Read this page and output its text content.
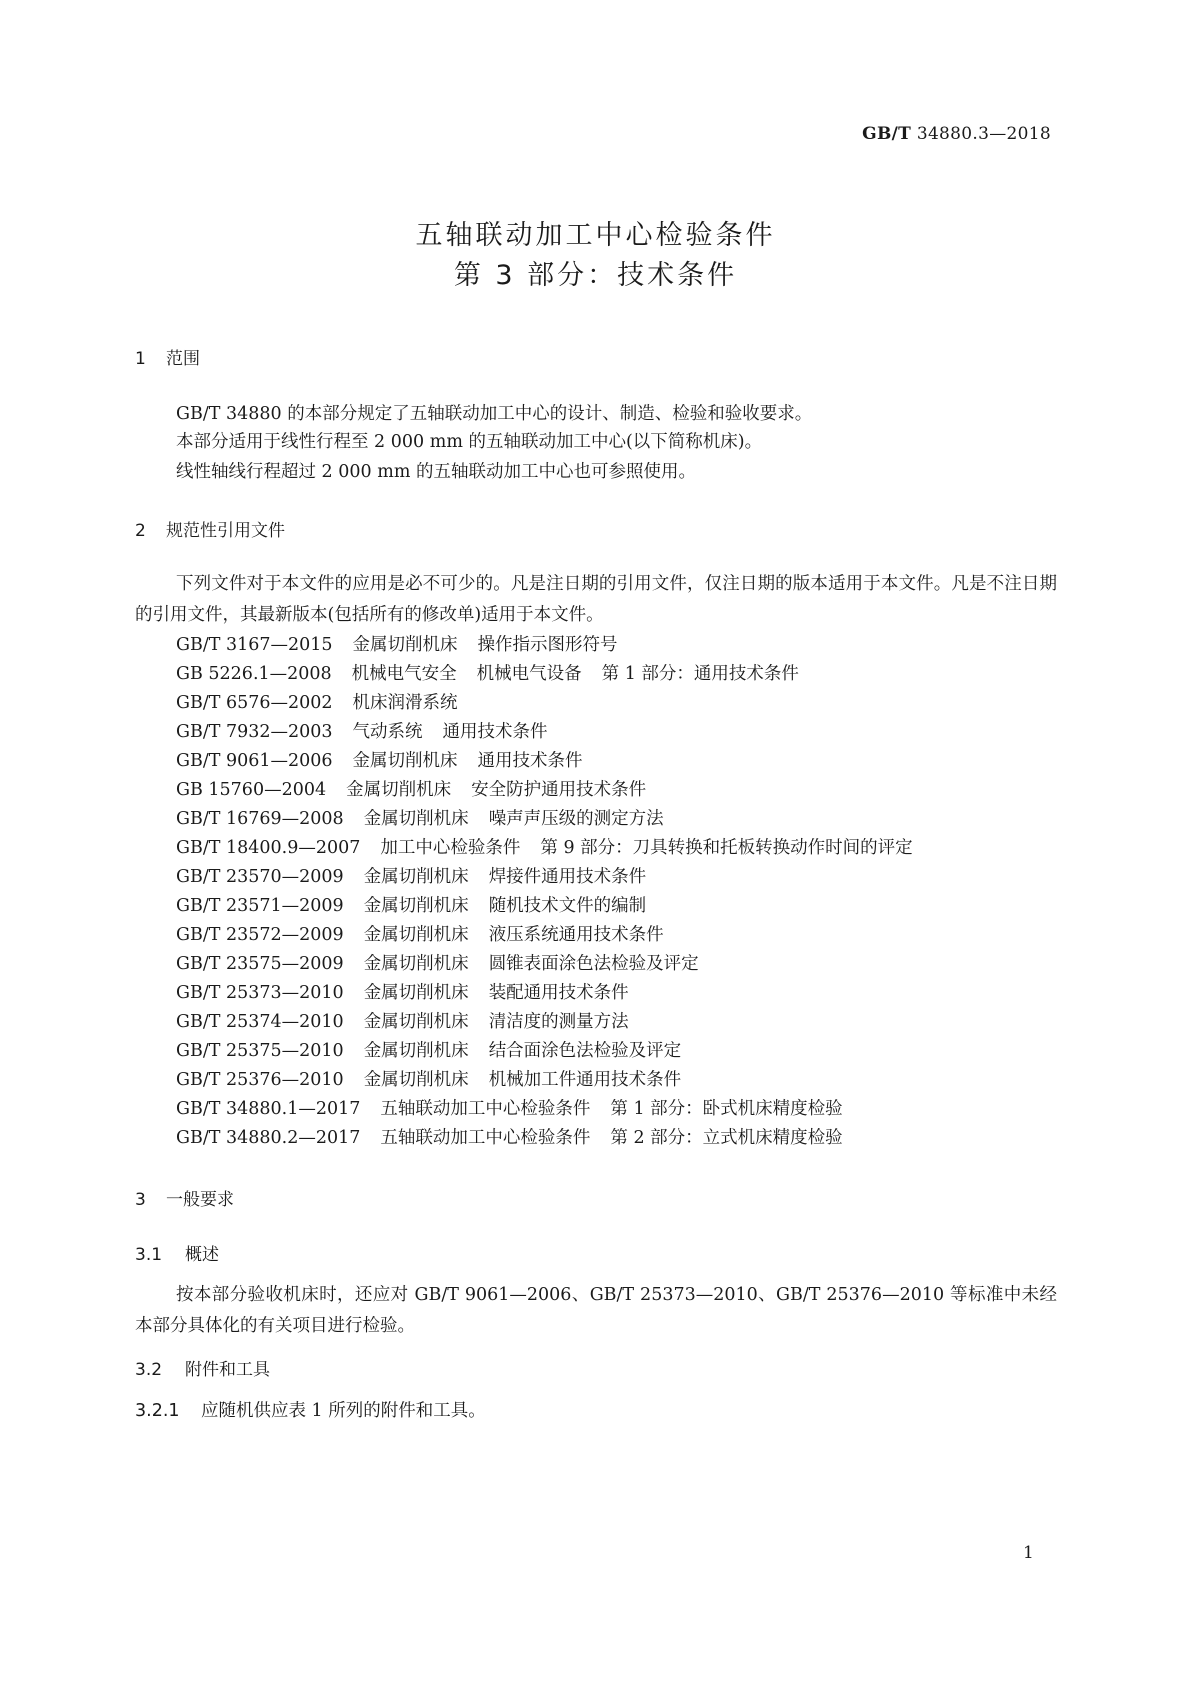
GB/T 34880.3—2018
五轴联动加工中心检验条件
第 3 部分：技术条件
1 范围
GB/T 34880 的本部分规定了五轴联动加工中心的设计、制造、检验和验收要求。
本部分适用于线性行程至 2 000 mm 的五轴联动加工中心(以下简称机床)。
线性轴线行程超过 2 000 mm 的五轴联动加工中心也可参照使用。
2 规范性引用文件
下列文件对于本文件的应用是必不可少的。凡是注日期的引用文件，仅注日期的版本适用于本文件。凡是不注日期的引用文件，其最新版本(包括所有的修改单)适用于本文件。
GB/T 3167—2015 金属切削机床 操作指示图形符号
GB 5226.1—2008 机械电气安全 机械电气设备 第 1 部分：通用技术条件
GB/T 6576—2002 机床润滑系统
GB/T 7932—2003 气动系统 通用技术条件
GB/T 9061—2006 金属切削机床 通用技术条件
GB 15760—2004 金属切削机床 安全防护通用技术条件
GB/T 16769—2008 金属切削机床 噪声声压级的测定方法
GB/T 18400.9—2007 加工中心检验条件 第 9 部分：刀具转换和托板转换动作时间的评定
GB/T 23570—2009 金属切削机床 焊接件通用技术条件
GB/T 23571—2009 金属切削机床 随机技术文件的编制
GB/T 23572—2009 金属切削机床 液压系统通用技术条件
GB/T 23575—2009 金属切削机床 圆锥表面涂色法检验及评定
GB/T 25373—2010 金属切削机床 装配通用技术条件
GB/T 25374—2010 金属切削机床 清洁度的测量方法
GB/T 25375—2010 金属切削机床 结合面涂色法检验及评定
GB/T 25376—2010 金属切削机床 机械加工件通用技术条件
GB/T 34880.1—2017 五轴联动加工中心检验条件 第 1 部分：卧式机床精度检验
GB/T 34880.2—2017 五轴联动加工中心检验条件 第 2 部分：立式机床精度检验
3 一般要求
3.1 概述
按本部分验收机床时，还应对 GB/T 9061—2006、GB/T 25373—2010、GB/T 25376—2010 等标准中未经本部分具体化的有关项目进行检验。
3.2 附件和工具
3.2.1 应随机供应表 1 所列的附件和工具。
1
